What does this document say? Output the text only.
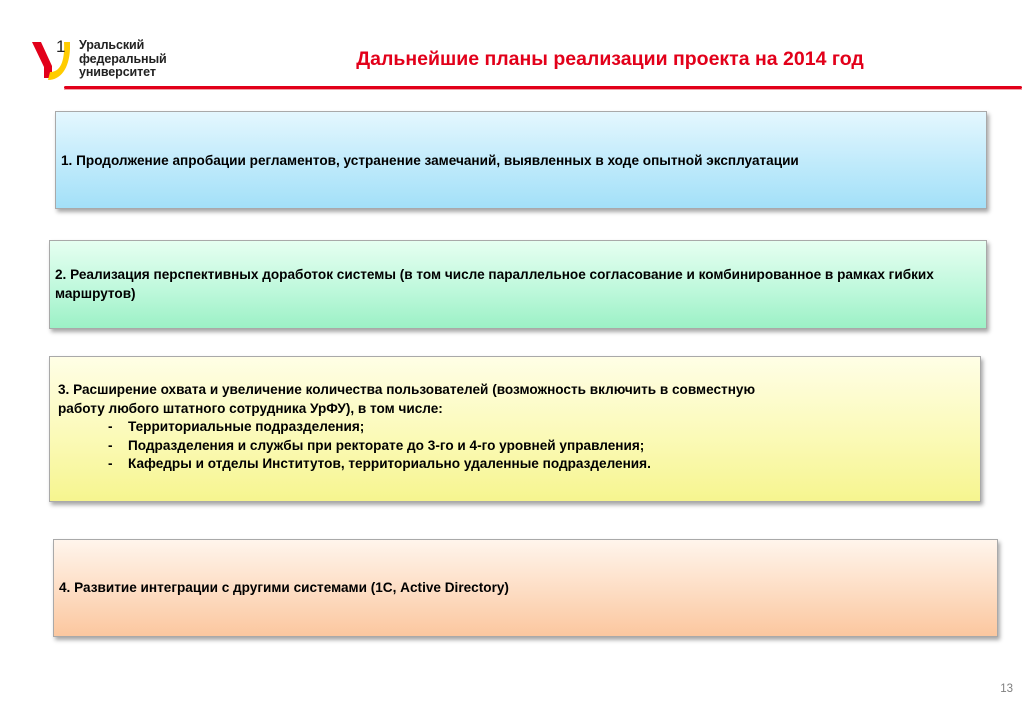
1 Уральский
федеральный
университет
Дальнейшие планы реализации проекта на 2014 год
1. Продолжение апробации регламентов, устранение замечаний, выявленных в ходе опытной эксплуатации
2. Реализация перспективных доработок системы (в том числе параллельное согласование и комбинированное в рамках гибких маршрутов)
3. Расширение охвата и увеличение количества пользователей (возможность включить в совместную
работу любого штатного сотрудника УрФУ), в том числе:
- Территориальные подразделения;
- Подразделения и службы при ректорате до 3-го и 4-го уровней управления;
- Кафедры и отделы Институтов, территориально удаленные подразделения.
4. Развитие интеграции с другими системами (1С, Active Directory)
13
